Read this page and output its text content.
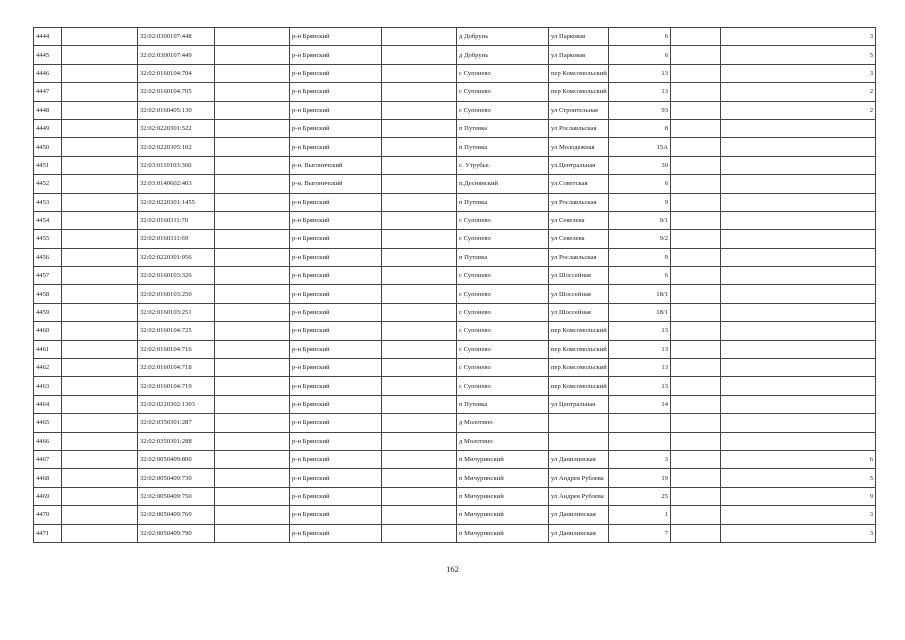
4444		32:02:0300107:448		р-н Брянский		д Добрунь	ул Парковая	6		3
4445		32:02:0300107:449		р-н Брянский		д Добрунь	ул Парковая	6		5
4446		32:02:0160104:704		р-н Брянский		с Супонево	пер Комсомольский	13		3
4447		32:02:0160104:705		р-н Брянский		с Супонево	пер Комсомольский	13		2
4448		32:02:0160405:130		р-н Брянский		с Супонево	ул Строительная	93		2
4449		32:02:0220301:522		р-н Брянский		п Путевка	ул Рославльская	8		
4450		32:02:0220305:102		р-н Брянский		п Путевка	ул Молодежная	15А		
4451		32:03:0110103:360		р-н. Выгоничский		с. Утрубье.	ул.Центральная	30		
4452		32:03:0140602:403		р-н. Выгоничский		п.Деснянский	ул.Советская	6		
4453		32:02:0220301:1455		р-н Брянский		п Путевка	ул Рославльская	9		
4454		32:02:0160311:70		р-н Брянский		с Супонево	ул Севелева	9/1		
4455		32:02:0160311:69		р-н Брянский		с Супонево	ул Севелева	9/2		
4456		32:02:0220301:956		р-н Брянский		п Путевка	ул Рославльская	9		
4457		32:02:0160103:326		р-н Брянский		с Супонево	ул Шоссейная	6		
4458		32:02:0160103:250		р-н Брянский		с Супонево	ул Шоссейная	18/1		
4459		32:02:0160103:251		р-н Брянский		с Супонево	ул Шоссейная	18/1		
4460		32:02:0160104:725		р-н Брянский		с Супонево	пер Комсомольский	13		
4461		32:02:0160104:716		р-н Брянский		с Супонево	пер Комсомольский	13		
4462		32:02:0160104:718		р-н Брянский		с Супонево	пер Комсомольский	13		
4463		32:02:0160104:719		р-н Брянский		с Супонево	пер Комсомольский	13		
4464		32:02:0220302:1303		р-н Брянский		п Путевка	ул Центральная	14		
4465		32:02:0350301:287		р-н Брянский		д Молотино				
4466		32:02:0350301:288		р-н Брянский		д Молотино				
4467		32:02:0050409:800		р-н Брянский		п Мичуринский	ул Данилинская	3		6
4468		32:02:0050409:730		р-н Брянский		п Мичуринский	ул Андрея Рублева	19		5
4469		32:02:0050409:750		р-н Брянский		п Мичуринский	ул Андрея Рублева	25		9
4470		32:02:0050409:760		р-н Брянский		п Мичуринский	ул Данилинская	1		3
4471		32:02:0050409:790		р-н Брянский		п Мичуринский	ул Данилинская	7		3
162
